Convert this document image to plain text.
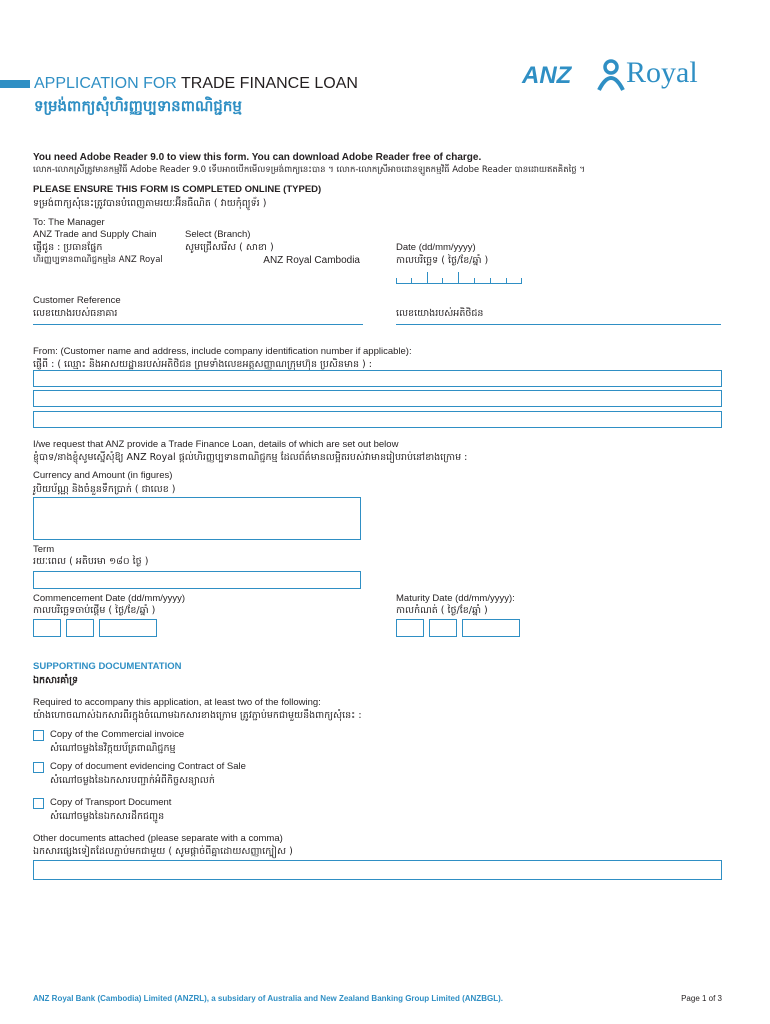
APPLICATION FOR TRADE FINANCE LOAN
ទម្រង់ពាក្យសុំហិរញ្ញប្បទានពាណិជ្ជកម្ម
ANZ Royal
You need Adobe Reader 9.0 to view this form. You can download Adobe Reader free of charge.
លោក-លោកស្រីត្រូវមានកម្មវិធី Adobe Reader 9.0 ទើបអាចបើកមើលទម្រង់ពាក្យនេះបាន ។ លោក-លោកស្រីអាចដោនឡូតកម្មវិធី Adobe Reader បានដោយឥតគិតថ្លៃ ។
PLEASE ENSURE THIS FORM IS COMPLETED ONLINE (TYPED)
ទម្រង់ពាក្យសុំនេះត្រូវបានបំពេញតាមរយៈអ៊ីនធឺណិត ( វាយកុំព្យូទ័រ )
To: The Manager
ANZ Trade and Supply Chain
ផ្ញើជូន : ប្រធានផ្នែក
ហិរញ្ញប្បទានពាណិជ្ជកម្មនៃ ANZ Royal
Select (Branch)
សូមជ្រើសរើស ( សាខា )
ANZ Royal Cambodia
Date (dd/mm/yyyy)
កាលបរិច្ឆេទ ( ថ្ងៃ/ខែ/ឆ្នាំ )
Customer Reference
លេខយោងរបស់ធនាគារ	លេខយោងរបស់អតិថិជន
From: (Customer name and address, include company identification number if applicable):
ផ្ញើពី : ( ឈ្មោះ និងអាសយដ្ឋានរបស់អតិថិជន ព្រមទាំងលេខអត្តសញ្ញាណក្រុមហ៊ុន ប្រសិនមាន ) :
I/we request that ANZ provide a Trade Finance Loan, details of which are set out below
ខ្ញុំបាទ/នាងខ្ញុំសូមស្នើសុំឱ្យ ANZ Royal ផ្តល់ហិរញ្ញប្បទានពាណិជ្ជកម្ម ដែលព័ត៌មានលម្អិតរបស់វាមានរៀបរាប់នៅខាងក្រោម :
Currency and Amount (in figures)
រូបិយប័ណ្ណ និងចំនួនទឹកប្រាក់ ( ជាលេខ )
Term
រយៈពេល ( អតិបរមា ១៨០ ថ្ងៃ )
Commencement Date (dd/mm/yyyy)
កាលបរិច្ឆេទចាប់ផ្តើម ( ថ្ងៃ/ខែ/ឆ្នាំ )
Maturity Date (dd/mm/yyyy):
កាលកំណត់ ( ថ្ងៃ/ខែ/ឆ្នាំ )
SUPPORTING DOCUMENTATION
ឯកសារគាំទ្រ
Required to accompany this application, at least two of the following:
យ៉ាងហោចណាស់ឯកសារពីរក្នុងចំណោមឯកសារខាងក្រោម ត្រូវភ្ជាប់មកជាមួយនឹងពាក្យសុំនេះ :
Copy of the Commercial invoice
សំណៅចម្លងនៃវិក្កយប័ត្រពាណិជ្ជកម្ម
Copy of document evidencing Contract of Sale
សំណៅចម្លងនៃឯកសារបញ្ជាក់អំពីកិច្ចសន្យាលក់
Copy of Transport Document
សំណៅចម្លងនៃឯកសារដឹកជញ្ជូន
Other documents attached (please separate with a comma)
ឯកសារផ្សេងទៀតដែលភ្ជាប់មកជាមួយ ( សូមផ្តាច់ពីគ្នាដោយសញ្ញាក្បៀស )
ANZ Royal Bank (Cambodia) Limited (ANZRL), a subsidary of Australia and New Zealand Banking Group Limited (ANZBGL).	Page 1 of 3
